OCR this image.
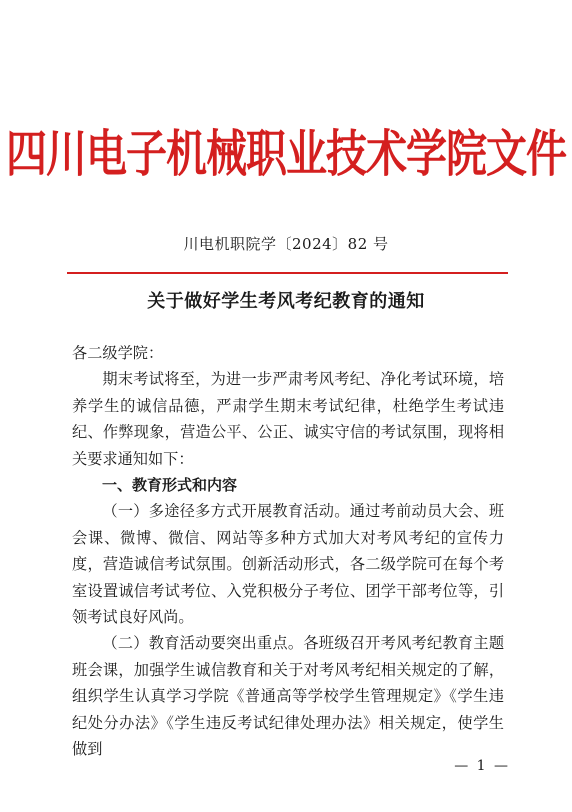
四川电子机械职业技术学院文件
川电机职院学〔2024〕82 号
关于做好学生考风考纪教育的通知

各二级学院：

期末考试将至，为进一步严肃考风考纪、净化考试环境，培养学生的诚信品德，严肃学生期末考试纪律，杜绝学生考试违纪、作弊现象，营造公平、公正、诚实守信的考试氛围，现将相关要求通知如下：

一、教育形式和内容

（一）多途径多方式开展教育活动。通过考前动员大会、班会课、微博、微信、网站等多种方式加大对考风考纪的宣传力度，营造诚信考试氛围。创新活动形式，各二级学院可在每个考室设置诚信考试考位、入党积极分子考位、团学干部考位等，引领考试良好风尚。

（二）教育活动要突出重点。各班级召开考风考纪教育主题班会课，加强学生诚信教育和关于对考风考纪相关规定的了解，组织学生认真学习学院《普通高等学校学生管理规定》《学生违纪处分办法》《学生违反考试纪律处理办法》相关规定，使学生做到

— 1 —
